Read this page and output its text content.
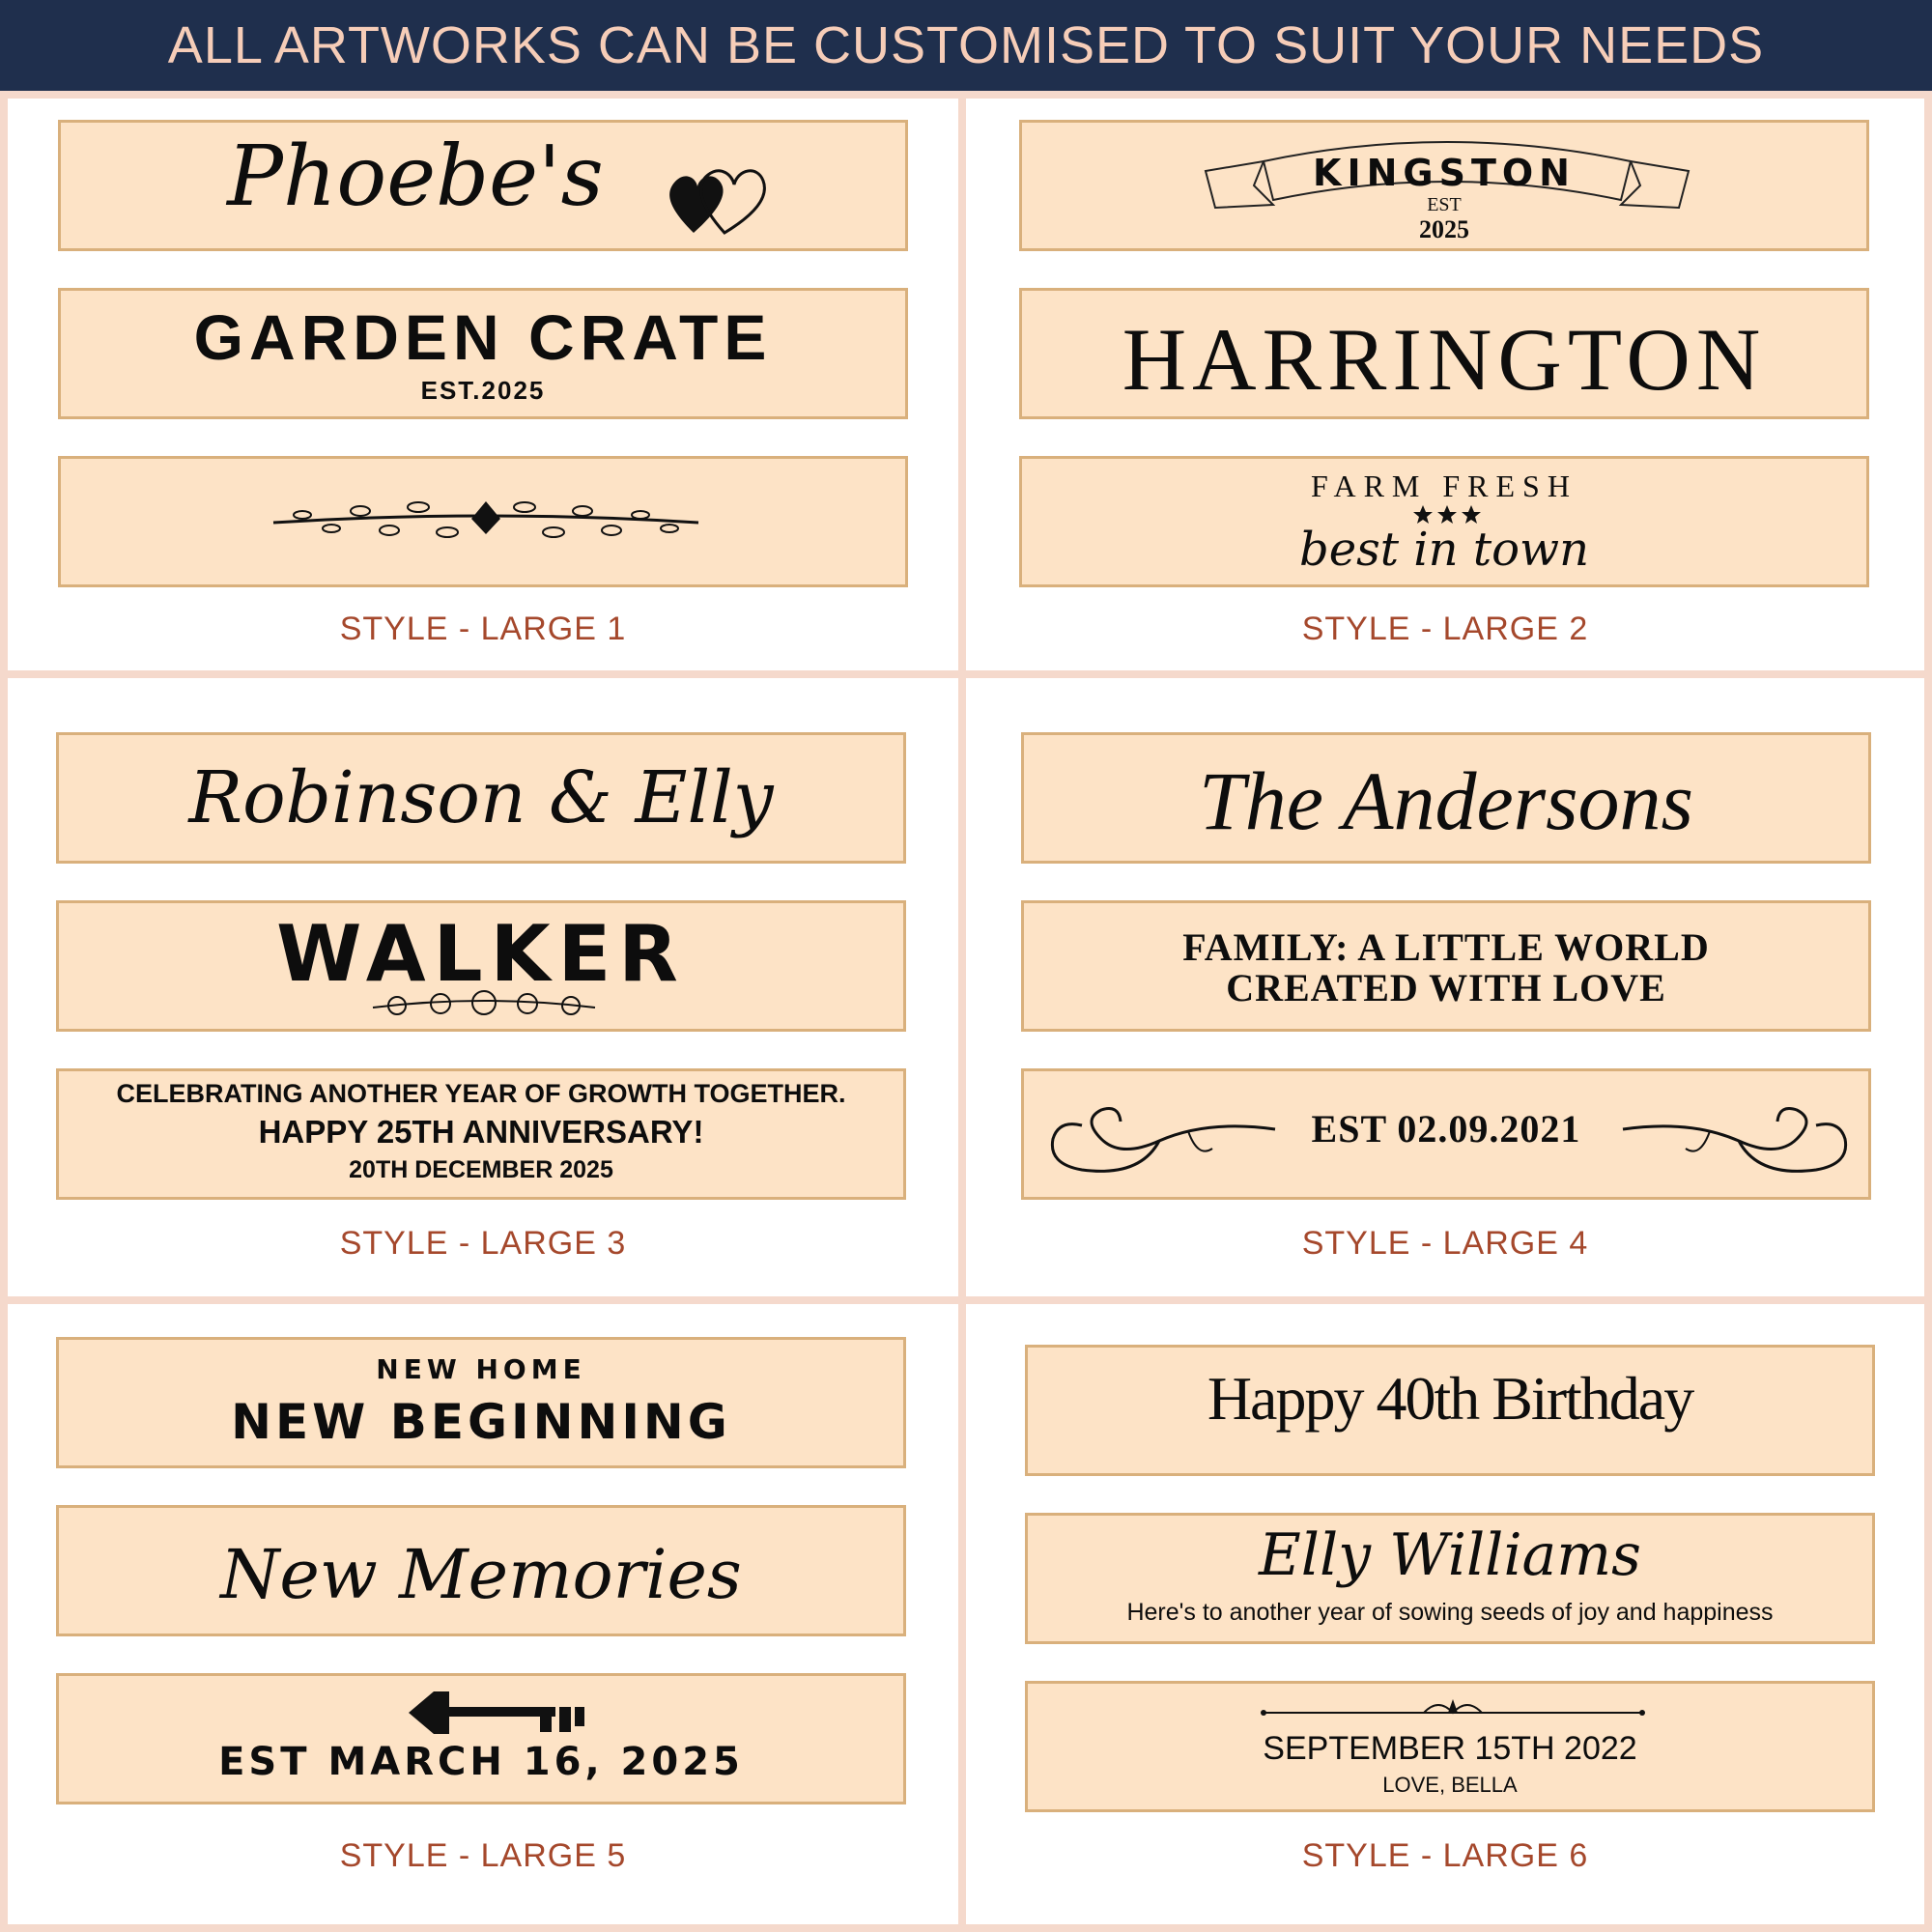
ALL ARTWORKS CAN BE CUSTOMISED TO SUIT YOUR NEEDS
Phoebe's
GARDEN CRATE
EST.2025
STYLE - LARGE 1
KINGSTON
EST
2025
HARRINGTON
FARM FRESH
best in town
STYLE - LARGE 2
Robinson & Elly
WALKER
CELEBRATING ANOTHER YEAR OF GROWTH TOGETHER.
HAPPY 25TH ANNIVERSARY!
20TH DECEMBER 2025
STYLE - LARGE 3
The Andersons
FAMILY: A LITTLE WORLD
CREATED WITH LOVE
EST 02.09.2021
STYLE - LARGE 4
NEW HOME
NEW BEGINNING
New Memories
EST MARCH 16, 2025
STYLE - LARGE 5
Happy 40th Birthday
Elly Williams
Here's to another year of sowing seeds of joy and happiness
SEPTEMBER 15TH 2022
LOVE, BELLA
STYLE - LARGE 6
